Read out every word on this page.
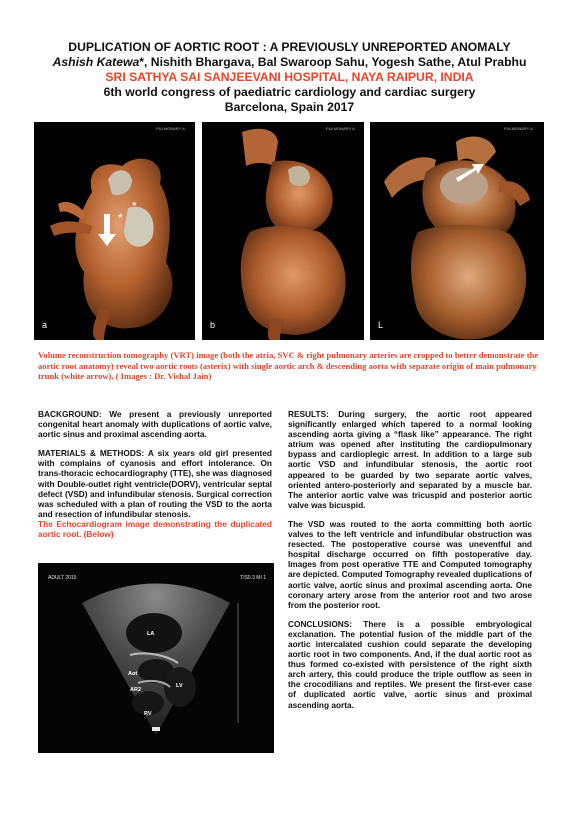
DUPLICATION OF AORTIC ROOT : A PREVIOUSLY UNREPORTED ANOMALY
Ashish Katewa*, Nishith Bhargava, Bal Swaroop Sahu, Yogesh Sathe, Atul Prabhu
SRI SATHYA SAI SANJEEVANI HOSPITAL, NAYA RAIPUR, INDIA
6th world congress of paediatric cardiology and cardiac surgery
Barcelona, Spain 2017
*
*
PULMONARY A
a
PULMONARY A
b
PULMONARY A
L
Volume reconstruction tomography (VRT) image (both the atria, SVC & right pulmonary arteries are cropped to better demonstrate the aortic root anatomy) reveal two aortic roots (asterix) with single aortic arch & descending aorta with separate origin of main pulmonary trunk (white arrow), ( Images : Dr. Vishal Jain)

BACKGROUND: We present a previously unreported congenital heart anomaly with duplications of aortic valve, aortic sinus and proximal ascending aorta.

MATERIALS & METHODS: A six years old girl presented with complains of cyanosis and effort intolerance. On trans-thoracic echocardiography (TTE), she was diagnosed with Double-outlet right ventricle(DORV), ventricular septal defect (VSD) and infundibular stenosis. Surgical correction was scheduled with a plan of routing the VSD to the aorta and resection of infundibular stenosis.

The Echocardiogram image demonstrating the duplicated aortic root. (Below)

LA
Aot
AR2
LV
RV
ADULT 2015	TIS0.3 MI 1

RESULTS: During surgery, the aortic root appeared significantly enlarged which tapered to a normal looking ascending aorta giving a “flask like” appearance. The right atrium was opened after instituting the cardiopulmonary bypass and cardioplegic arrest. In addition to a large sub aortic VSD and infundibular stenosis, the aortic root appeared to be guarded by two separate aortic valves, oriented antero-posteriorly and separated by a muscle bar. The anterior aortic valve was tricuspid and posterior aortic valve was bicuspid.

The VSD was routed to the aorta committing both aortic valves to the left ventricle and infundibular obstruction was resected. The postoperative course was uneventful and hospital discharge occurred on fifth postoperative day. Images from post operative TTE and Computed tomography are depicted. Computed Tomography revealed duplications of aortic valve, aortic sinus and proximal ascending aorta. One coronary artery arose from the anterior root and two arose from the posterior root.

CONCLUSIONS: There is a possible embryological exclanation. The potential fusion of the middle part of the aortic intercalated cushion could separate the developing aortic root in two components. And, if the dual aortic root as thus formed co-existed with persistence of the right sixth arch artery, this could produce the triple outflow as seen in the crocodilians and reptiles. We present the first-ever case of duplicated aortic valve, aortic sinus and proximal ascending aorta.
